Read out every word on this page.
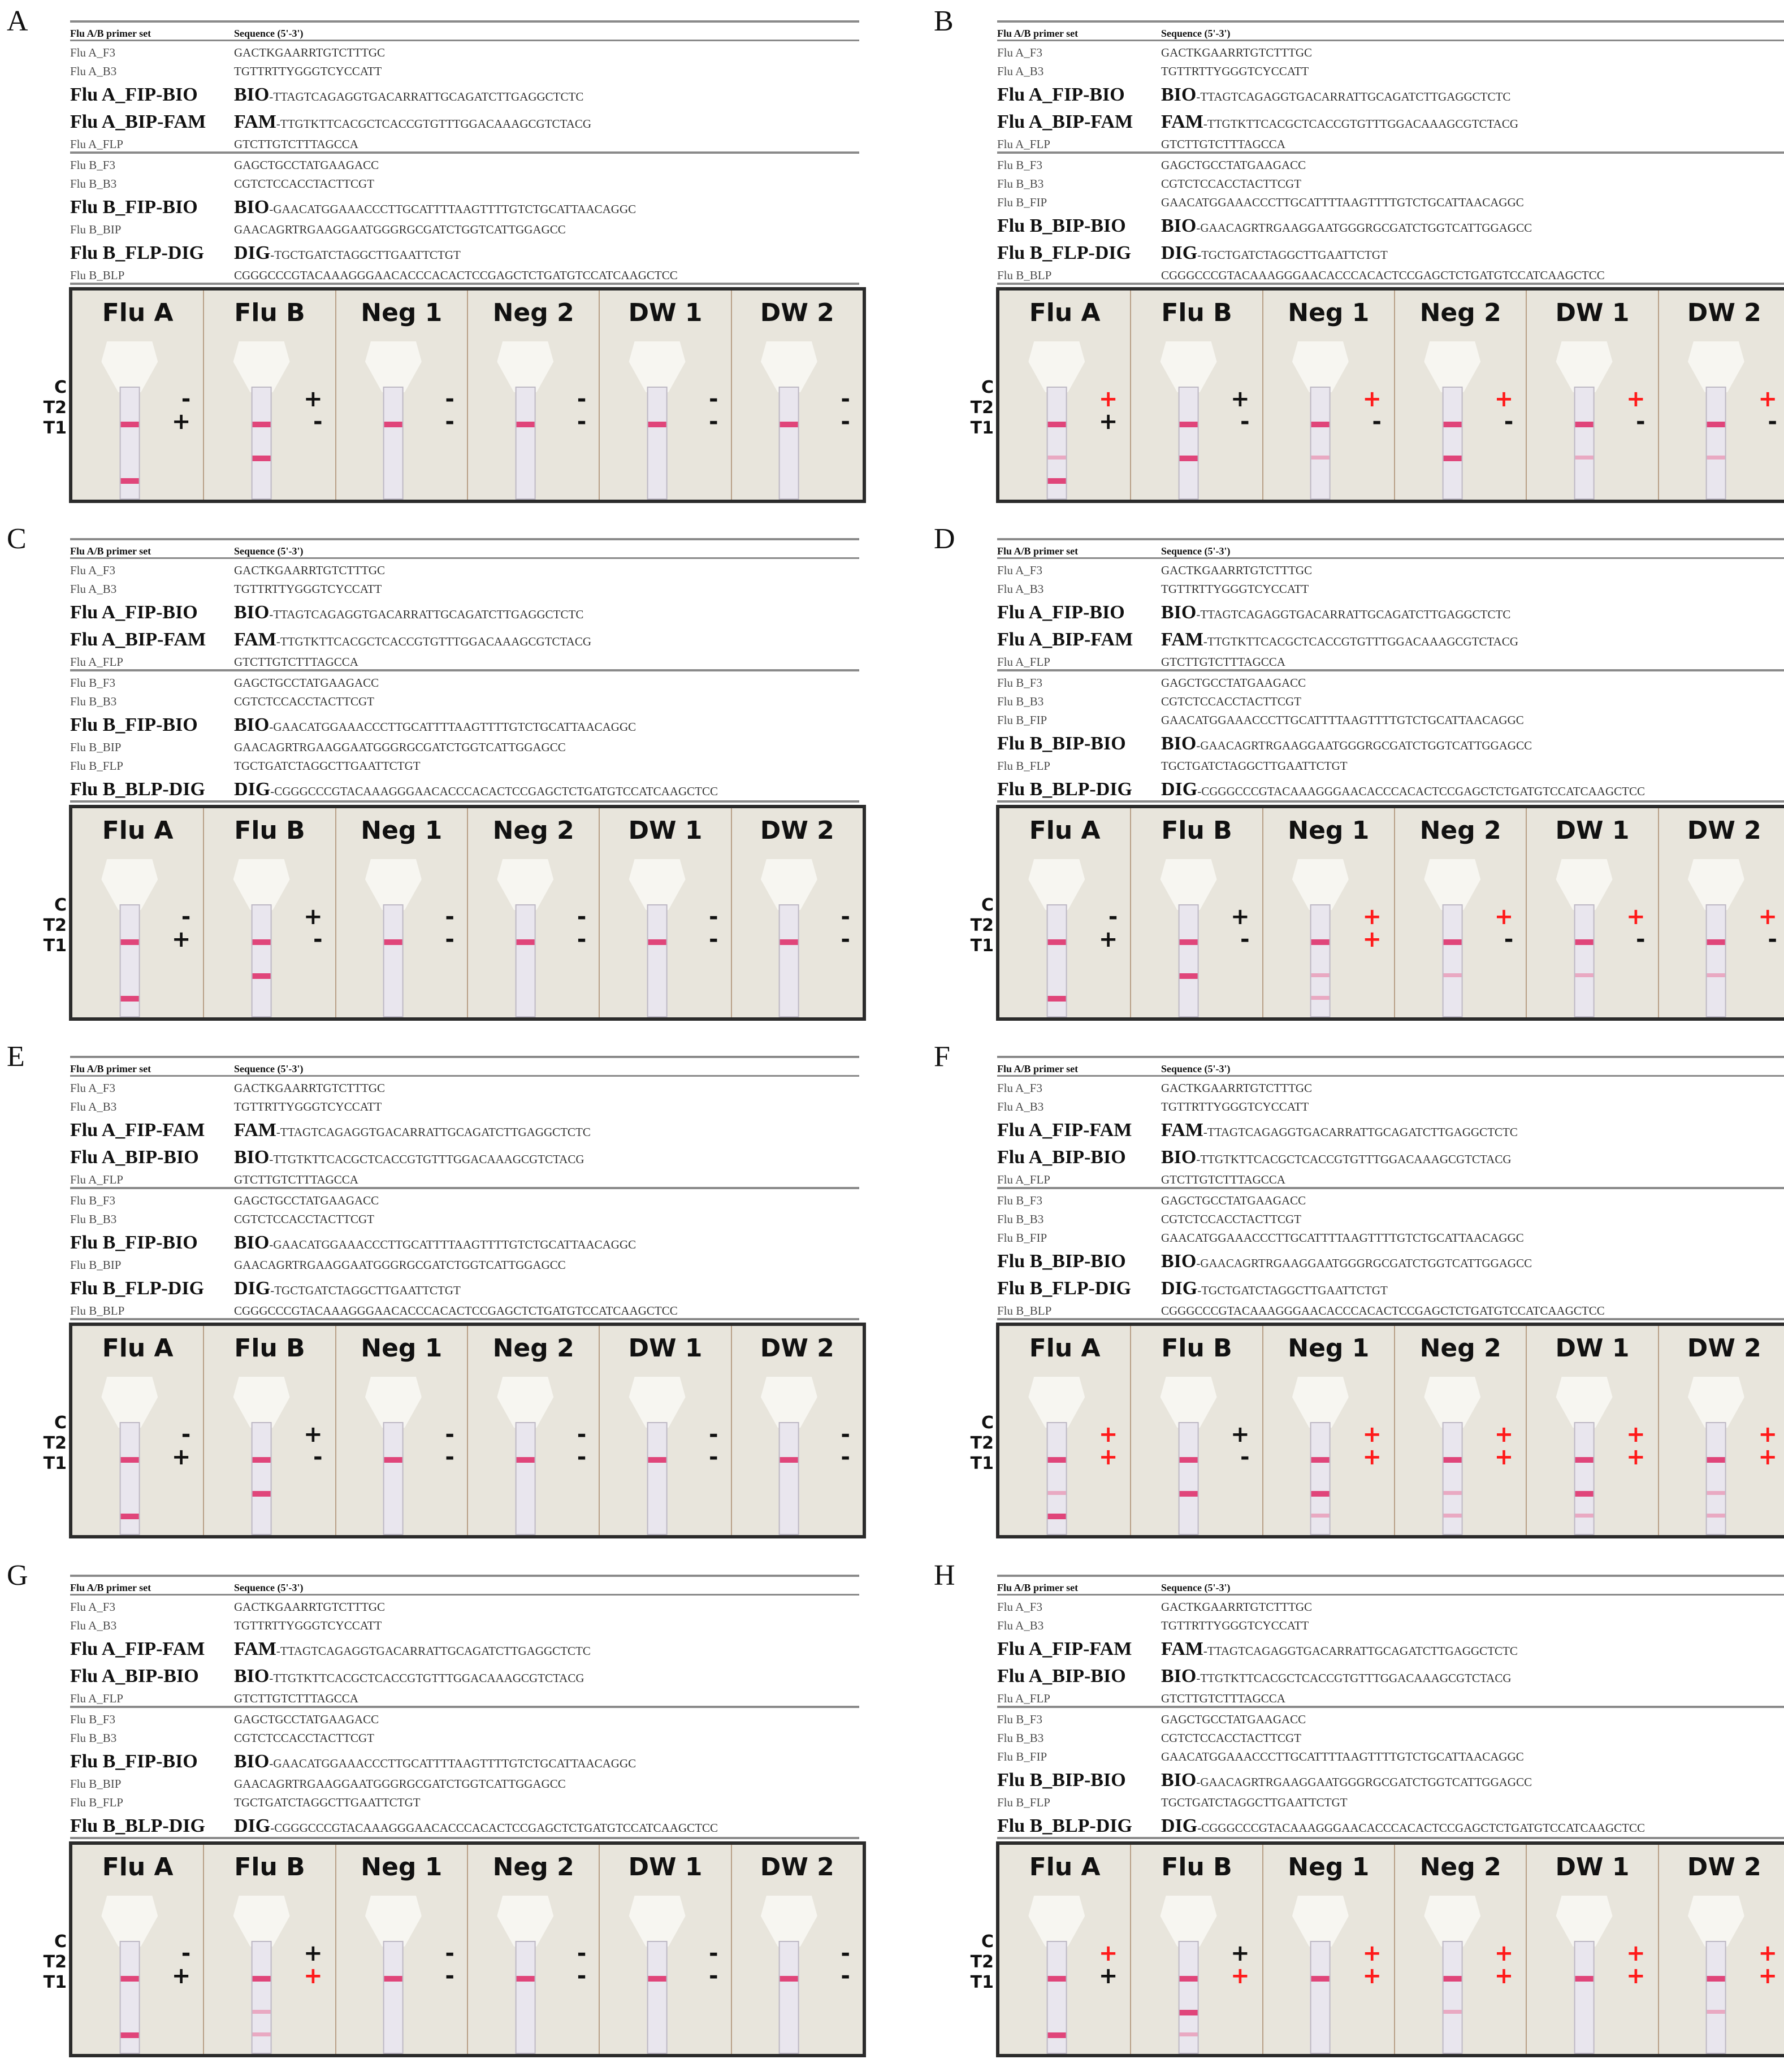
A	Flu A/B primer set	Sequence (5'-3')
Flu A_F3	GACTKGAARRTGTCTTTGC
Flu A_B3	TGTTRTTYGGGTCYCCATT
Flu A_FIP-BIO	BIO-TTAGTCAGAGGTGACARRATTGCAGATCTTGAGGCTCTC
Flu A_BIP-FAM	FAM-TTGTKTTCACGCTCACCGTGTTTGGACAAAGCGTCTACG
Flu A_FLP	GTCTTGTCTTTAGCCA
Flu B_F3	GAGCTGCCTATGAAGACC
Flu B_B3	CGTCTCCACCTACTTCGT
Flu B_FIP-BIO	BIO-GAACATGGAAACCCTTGCATTTTAAGTTTTGTCTGCATTAACAGGC
Flu B_BIP	GAACAGRTRGAAGGAATGGGRGCGATCTGGTCATTGGAGCC
Flu B_FLP-DIG	DIG-TGCTGATCTAGGCTTGAATTCTGT
Flu B_BLP	CGGGCCCGTACAAAGGGAACACCCACACTCCGAGCTCTGATGTCCATCAAGCTCC
C
T2
T1
Flu A
-
+
Flu B
+
-
Neg 1
-
-
Neg 2
-
-
DW 1
-
-
DW 2
-
-
B	Flu A/B primer set	Sequence (5'-3')
Flu A_F3	GACTKGAARRTGTCTTTGC
Flu A_B3	TGTTRTTYGGGTCYCCATT
Flu A_FIP-BIO	BIO-TTAGTCAGAGGTGACARRATTGCAGATCTTGAGGCTCTC
Flu A_BIP-FAM	FAM-TTGTKTTCACGCTCACCGTGTTTGGACAAAGCGTCTACG
Flu A_FLP	GTCTTGTCTTTAGCCA
Flu B_F3	GAGCTGCCTATGAAGACC
Flu B_B3	CGTCTCCACCTACTTCGT
Flu B_FIP	GAACATGGAAACCCTTGCATTTTAAGTTTTGTCTGCATTAACAGGC
Flu B_BIP-BIO	BIO-GAACAGRTRGAAGGAATGGGRGCGATCTGGTCATTGGAGCC
Flu B_FLP-DIG	DIG-TGCTGATCTAGGCTTGAATTCTGT
Flu B_BLP	CGGGCCCGTACAAAGGGAACACCCACACTCCGAGCTCTGATGTCCATCAAGCTCC
C
T2
T1
Flu A
+
+
Flu B
+
-
Neg 1
+
-
Neg 2
+
-
DW 1
+
-
DW 2
+
-
C	Flu A/B primer set	Sequence (5'-3')
Flu A_F3	GACTKGAARRTGTCTTTGC
Flu A_B3	TGTTRTTYGGGTCYCCATT
Flu A_FIP-BIO	BIO-TTAGTCAGAGGTGACARRATTGCAGATCTTGAGGCTCTC
Flu A_BIP-FAM	FAM-TTGTKTTCACGCTCACCGTGTTTGGACAAAGCGTCTACG
Flu A_FLP	GTCTTGTCTTTAGCCA
Flu B_F3	GAGCTGCCTATGAAGACC
Flu B_B3	CGTCTCCACCTACTTCGT
Flu B_FIP-BIO	BIO-GAACATGGAAACCCTTGCATTTTAAGTTTTGTCTGCATTAACAGGC
Flu B_BIP	GAACAGRTRGAAGGAATGGGRGCGATCTGGTCATTGGAGCC
Flu B_FLP	TGCTGATCTAGGCTTGAATTCTGT
Flu B_BLP-DIG	DIG-CGGGCCCGTACAAAGGGAACACCCACACTCCGAGCTCTGATGTCCATCAAGCTCC
C
T2
T1
Flu A
-
+
Flu B
+
-
Neg 1
-
-
Neg 2
-
-
DW 1
-
-
DW 2
-
-
D	Flu A/B primer set	Sequence (5'-3')
Flu A_F3	GACTKGAARRTGTCTTTGC
Flu A_B3	TGTTRTTYGGGTCYCCATT
Flu A_FIP-BIO	BIO-TTAGTCAGAGGTGACARRATTGCAGATCTTGAGGCTCTC
Flu A_BIP-FAM	FAM-TTGTKTTCACGCTCACCGTGTTTGGACAAAGCGTCTACG
Flu A_FLP	GTCTTGTCTTTAGCCA
Flu B_F3	GAGCTGCCTATGAAGACC
Flu B_B3	CGTCTCCACCTACTTCGT
Flu B_FIP	GAACATGGAAACCCTTGCATTTTAAGTTTTGTCTGCATTAACAGGC
Flu B_BIP-BIO	BIO-GAACAGRTRGAAGGAATGGGRGCGATCTGGTCATTGGAGCC
Flu B_FLP	TGCTGATCTAGGCTTGAATTCTGT
Flu B_BLP-DIG	DIG-CGGGCCCGTACAAAGGGAACACCCACACTCCGAGCTCTGATGTCCATCAAGCTCC
C
T2
T1
Flu A
-
+
Flu B
+
-
Neg 1
+
+
Neg 2
+
-
DW 1
+
-
DW 2
+
-
E	Flu A/B primer set	Sequence (5'-3')
Flu A_F3	GACTKGAARRTGTCTTTGC
Flu A_B3	TGTTRTTYGGGTCYCCATT
Flu A_FIP-FAM	FAM-TTAGTCAGAGGTGACARRATTGCAGATCTTGAGGCTCTC
Flu A_BIP-BIO	BIO-TTGTKTTCACGCTCACCGTGTTTGGACAAAGCGTCTACG
Flu A_FLP	GTCTTGTCTTTAGCCA
Flu B_F3	GAGCTGCCTATGAAGACC
Flu B_B3	CGTCTCCACCTACTTCGT
Flu B_FIP-BIO	BIO-GAACATGGAAACCCTTGCATTTTAAGTTTTGTCTGCATTAACAGGC
Flu B_BIP	GAACAGRTRGAAGGAATGGGRGCGATCTGGTCATTGGAGCC
Flu B_FLP-DIG	DIG-TGCTGATCTAGGCTTGAATTCTGT
Flu B_BLP	CGGGCCCGTACAAAGGGAACACCCACACTCCGAGCTCTGATGTCCATCAAGCTCC
C
T2
T1
Flu A
-
+
Flu B
+
-
Neg 1
-
-
Neg 2
-
-
DW 1
-
-
DW 2
-
-
F	Flu A/B primer set	Sequence (5'-3')
Flu A_F3	GACTKGAARRTGTCTTTGC
Flu A_B3	TGTTRTTYGGGTCYCCATT
Flu A_FIP-FAM	FAM-TTAGTCAGAGGTGACARRATTGCAGATCTTGAGGCTCTC
Flu A_BIP-BIO	BIO-TTGTKTTCACGCTCACCGTGTTTGGACAAAGCGTCTACG
Flu A_FLP	GTCTTGTCTTTAGCCA
Flu B_F3	GAGCTGCCTATGAAGACC
Flu B_B3	CGTCTCCACCTACTTCGT
Flu B_FIP	GAACATGGAAACCCTTGCATTTTAAGTTTTGTCTGCATTAACAGGC
Flu B_BIP-BIO	BIO-GAACAGRTRGAAGGAATGGGRGCGATCTGGTCATTGGAGCC
Flu B_FLP-DIG	DIG-TGCTGATCTAGGCTTGAATTCTGT
Flu B_BLP	CGGGCCCGTACAAAGGGAACACCCACACTCCGAGCTCTGATGTCCATCAAGCTCC
C
T2
T1
Flu A
+
+
Flu B
+
-
Neg 1
+
+
Neg 2
+
+
DW 1
+
+
DW 2
+
+
G	Flu A/B primer set	Sequence (5'-3')
Flu A_F3	GACTKGAARRTGTCTTTGC
Flu A_B3	TGTTRTTYGGGTCYCCATT
Flu A_FIP-FAM	FAM-TTAGTCAGAGGTGACARRATTGCAGATCTTGAGGCTCTC
Flu A_BIP-BIO	BIO-TTGTKTTCACGCTCACCGTGTTTGGACAAAGCGTCTACG
Flu A_FLP	GTCTTGTCTTTAGCCA
Flu B_F3	GAGCTGCCTATGAAGACC
Flu B_B3	CGTCTCCACCTACTTCGT
Flu B_FIP-BIO	BIO-GAACATGGAAACCCTTGCATTTTAAGTTTTGTCTGCATTAACAGGC
Flu B_BIP	GAACAGRTRGAAGGAATGGGRGCGATCTGGTCATTGGAGCC
Flu B_FLP	TGCTGATCTAGGCTTGAATTCTGT
Flu B_BLP-DIG	DIG-CGGGCCCGTACAAAGGGAACACCCACACTCCGAGCTCTGATGTCCATCAAGCTCC
C
T2
T1
Flu A
-
+
Flu B
+
+
Neg 1
-
-
Neg 2
-
-
DW 1
-
-
DW 2
-
-
H	Flu A/B primer set	Sequence (5'-3')
Flu A_F3	GACTKGAARRTGTCTTTGC
Flu A_B3	TGTTRTTYGGGTCYCCATT
Flu A_FIP-FAM	FAM-TTAGTCAGAGGTGACARRATTGCAGATCTTGAGGCTCTC
Flu A_BIP-BIO	BIO-TTGTKTTCACGCTCACCGTGTTTGGACAAAGCGTCTACG
Flu A_FLP	GTCTTGTCTTTAGCCA
Flu B_F3	GAGCTGCCTATGAAGACC
Flu B_B3	CGTCTCCACCTACTTCGT
Flu B_FIP	GAACATGGAAACCCTTGCATTTTAAGTTTTGTCTGCATTAACAGGC
Flu B_BIP-BIO	BIO-GAACAGRTRGAAGGAATGGGRGCGATCTGGTCATTGGAGCC
Flu B_FLP	TGCTGATCTAGGCTTGAATTCTGT
Flu B_BLP-DIG	DIG-CGGGCCCGTACAAAGGGAACACCCACACTCCGAGCTCTGATGTCCATCAAGCTCC
C
T2
T1
Flu A
+
+
Flu B
+
+
Neg 1
+
+
Neg 2
+
+
DW 1
+
+
DW 2
+
+
